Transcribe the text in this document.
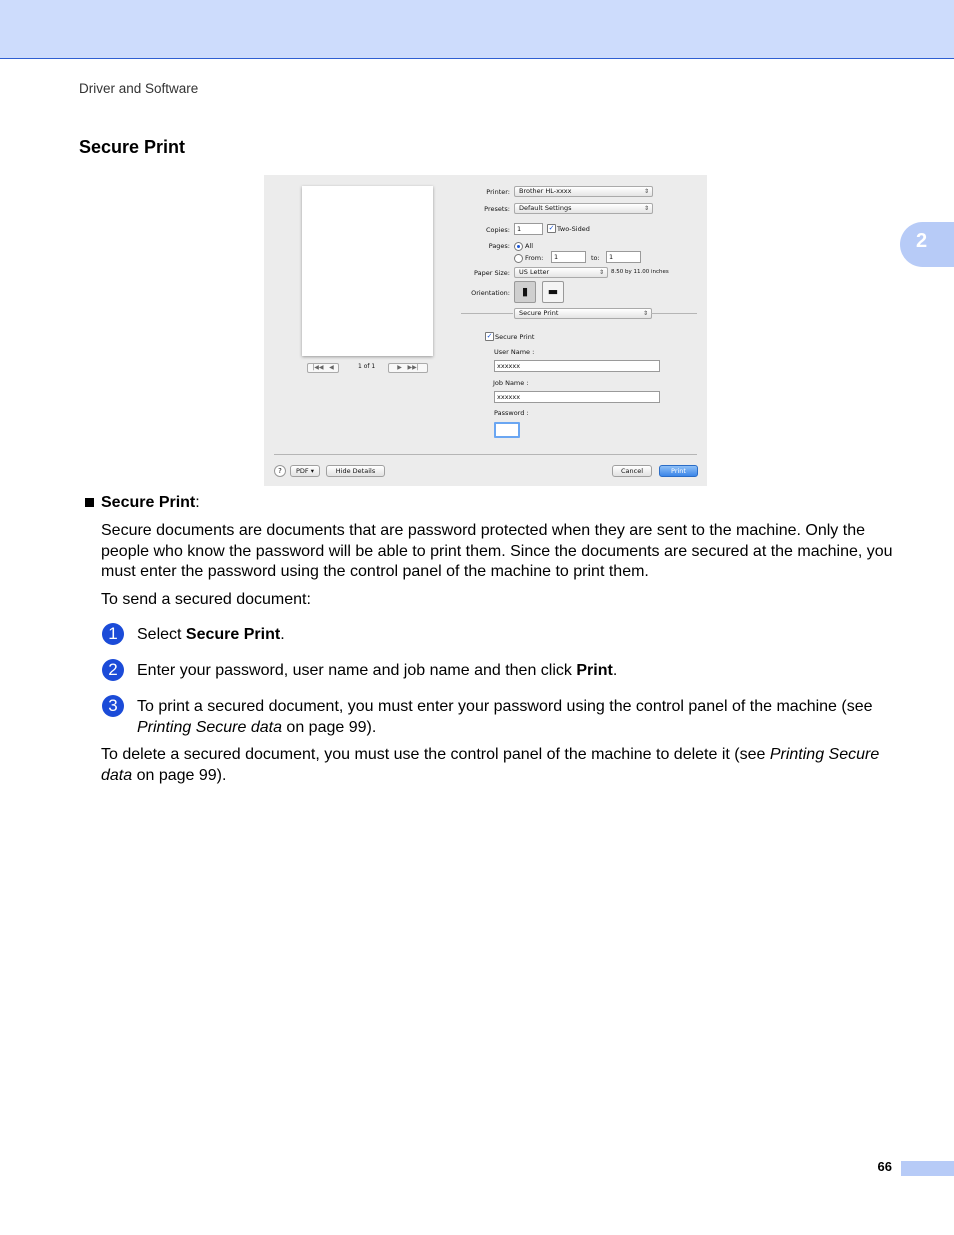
Driver and Software
Secure Print
2
|◀◀   ◀	1 of 1	▶   ▶▶|
Printer:	Brother HL-xxxx	⇕
Presets:	Default Settings	⇕
Copies:	1	✓ Two-Sided
Pages: All
From:	1	to:	1
Paper Size:	US Letter	⇕ 8.50 by 11.00 inches
Orientation:	▮	▬
Secure Print	⇕
✓ Secure Print
User Name :
xxxxxx
Job Name :
xxxxxx
Password :
?	PDF ▾	Hide Details	Cancel	Print
Secure Print:
Secure documents are documents that are password protected when they are sent to the machine. Only the people who know the password will be able to print them. Since the documents are secured at the machine, you must enter the password using the control panel of the machine to print them.
To send a secured document:
1	Select Secure Print.
2	Enter your password, user name and job name and then click Print.
3	To print a secured document, you must enter your password using the control panel of the machine (see Printing Secure data on page 99).
To delete a secured document, you must use the control panel of the machine to delete it (see Printing Secure data on page 99).
66
